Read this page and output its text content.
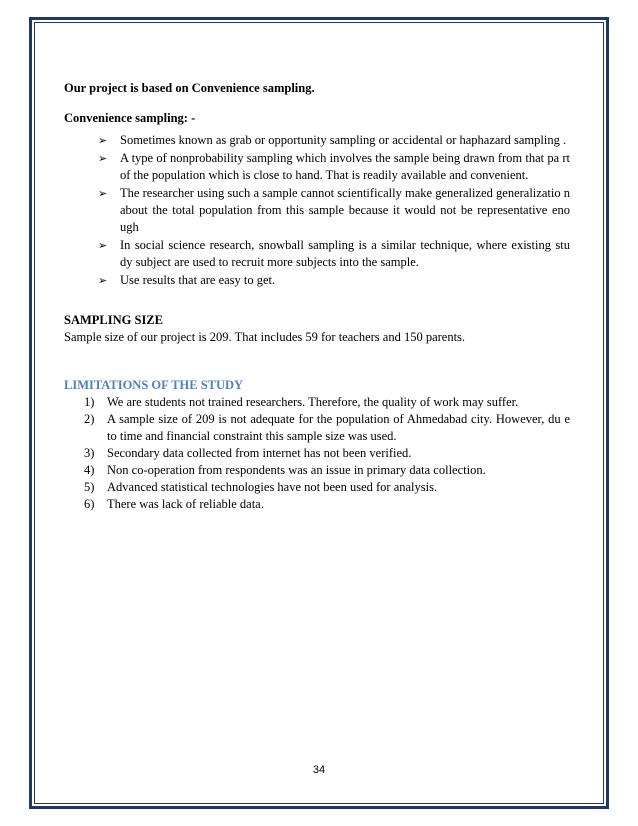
Our project is based on Convenience sampling.

Convenience sampling: -

➢ Sometimes known as grab or opportunity sampling or accidental or haphazard sampling .
➢ A type of nonprobability sampling which involves the sample being drawn from that pa rt of the population which is close to hand. That is readily available and convenient.
➢ The researcher using such a sample cannot scientifically make generalized generalizatio n about the total population from this sample because it would not be representative eno ugh
➢ In social science research, snowball sampling is a similar technique, where existing stu dy subject are used to recruit more subjects into the sample.
➢ Use results that are easy to get.

SAMPLING SIZE

Sample size of our project is 209. That includes 59 for teachers and 150 parents.

LIMITATIONS OF THE STUDY

1) We are students not trained researchers. Therefore, the quality of work may suffer.
2) A sample size of 209 is not adequate for the population of Ahmedabad city. However, du e to time and financial constraint this sample size was used.
3) Secondary data collected from internet has not been verified.
4) Non co-operation from respondents was an issue in primary data collection.
5) Advanced statistical technologies have not been used for analysis.
6) There was lack of reliable data.
34
